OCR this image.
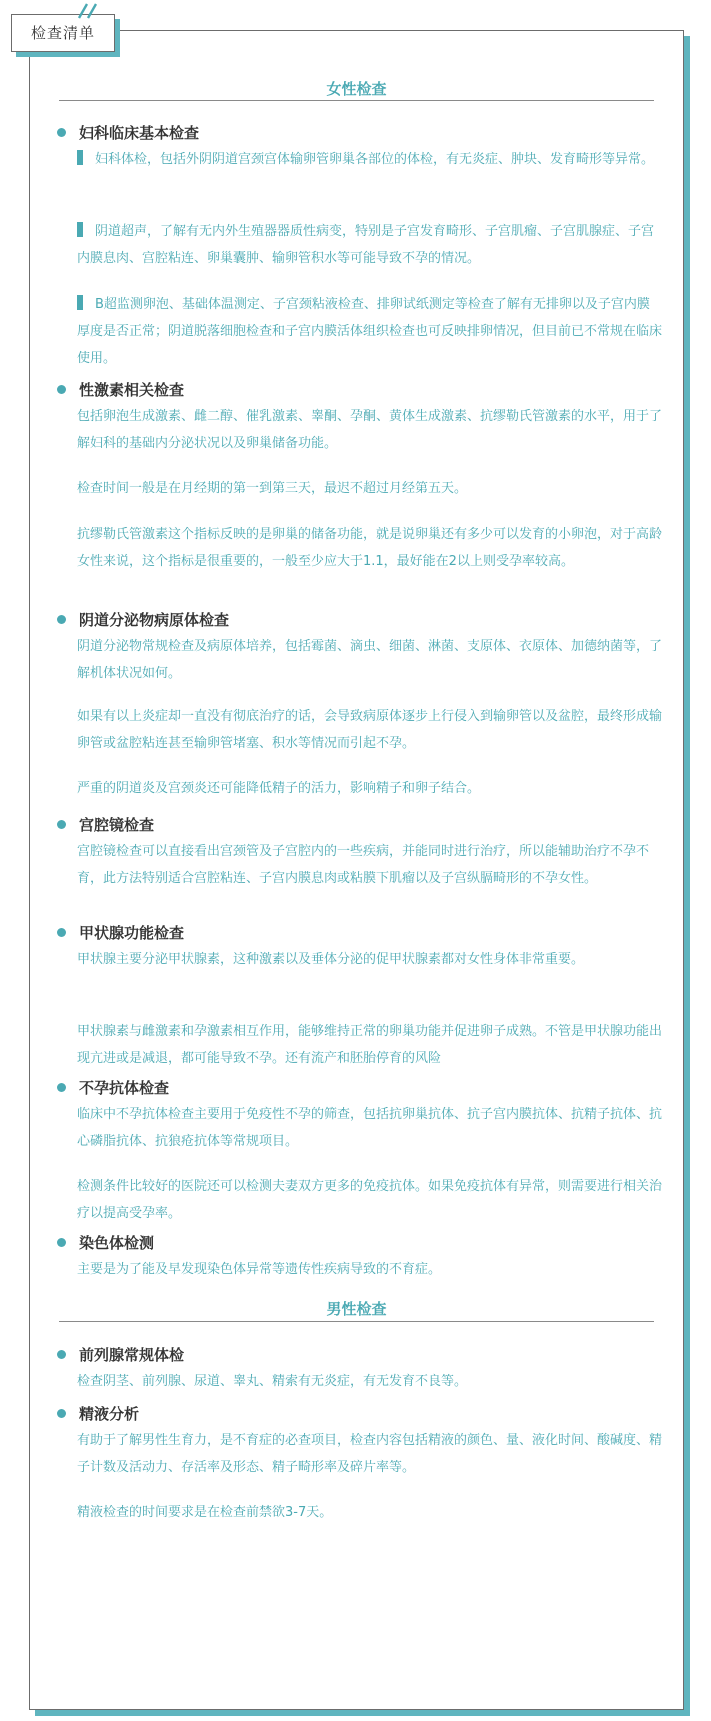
检查清单
女性检查
妇科临床基本检查

妇科体检，包括外阴阴道宫颈宫体输卵管卵巢各部位的体检，有无炎症、肿块、发育畸形等异常。

阴道超声，了解有无内外生殖器器质性病变，特别是子宫发育畸形、子宫肌瘤、子宫肌腺症、子宫内膜息肉、宫腔粘连、卵巢囊肿、输卵管积水等可能导致不孕的情况。

B超监测卵泡、基础体温测定、子宫颈粘液检查、排卵试纸测定等检查了解有无排卵以及子宫内膜厚度是否正常；阴道脱落细胞检查和子宫内膜活体组织检查也可反映排卵情况，但目前已不常规在临床使用。

性激素相关检查

包括卵泡生成激素、雌二醇、催乳激素、睾酮、孕酮、黄体生成激素、抗缪勒氏管激素的水平，用于了解妇科的基础内分泌状况以及卵巢储备功能。

检查时间一般是在月经期的第一到第三天，最迟不超过月经第五天。

抗缪勒氏管激素这个指标反映的是卵巢的储备功能，就是说卵巢还有多少可以发育的小卵泡，对于高龄女性来说，这个指标是很重要的，一般至少应大于1.1，最好能在2以上则受孕率较高。

阴道分泌物病原体检查

阴道分泌物常规检查及病原体培养，包括霉菌、滴虫、细菌、淋菌、支原体、衣原体、加德纳菌等，了解机体状况如何。

如果有以上炎症却一直没有彻底治疗的话，会导致病原体逐步上行侵入到输卵管以及盆腔，最终形成输卵管或盆腔粘连甚至输卵管堵塞、积水等情况而引起不孕。

严重的阴道炎及宫颈炎还可能降低精子的活力，影响精子和卵子结合。

宫腔镜检查

宫腔镜检查可以直接看出宫颈管及子宫腔内的一些疾病，并能同时进行治疗，所以能辅助治疗不孕不育，此方法特别适合宫腔粘连、子宫内膜息肉或粘膜下肌瘤以及子宫纵膈畸形的不孕女性。

甲状腺功能检查

甲状腺主要分泌甲状腺素，这种激素以及垂体分泌的促甲状腺素都对女性身体非常重要。

甲状腺素与雌激素和孕激素相互作用，能够维持正常的卵巢功能并促进卵子成熟。不管是甲状腺功能出现亢进或是减退，都可能导致不孕。还有流产和胚胎停育的风险

不孕抗体检查

临床中不孕抗体检查主要用于免疫性不孕的筛查，包括抗卵巢抗体、抗子宫内膜抗体、抗精子抗体、抗心磷脂抗体、抗狼疮抗体等常规项目。

检测条件比较好的医院还可以检测夫妻双方更多的免疫抗体。如果免疫抗体有异常，则需要进行相关治疗以提高受孕率。

染色体检测

主要是为了能及早发现染色体异常等遗传性疾病导致的不育症。

男性检查
前列腺常规体检

检查阴茎、前列腺、尿道、睾丸、精索有无炎症，有无发育不良等。

精液分析

有助于了解男性生育力，是不育症的必查项目，检查内容包括精液的颜色、量、液化时间、酸碱度、精子计数及活动力、存活率及形态、精子畸形率及碎片率等。

精液检查的时间要求是在检查前禁欲3-7天。
